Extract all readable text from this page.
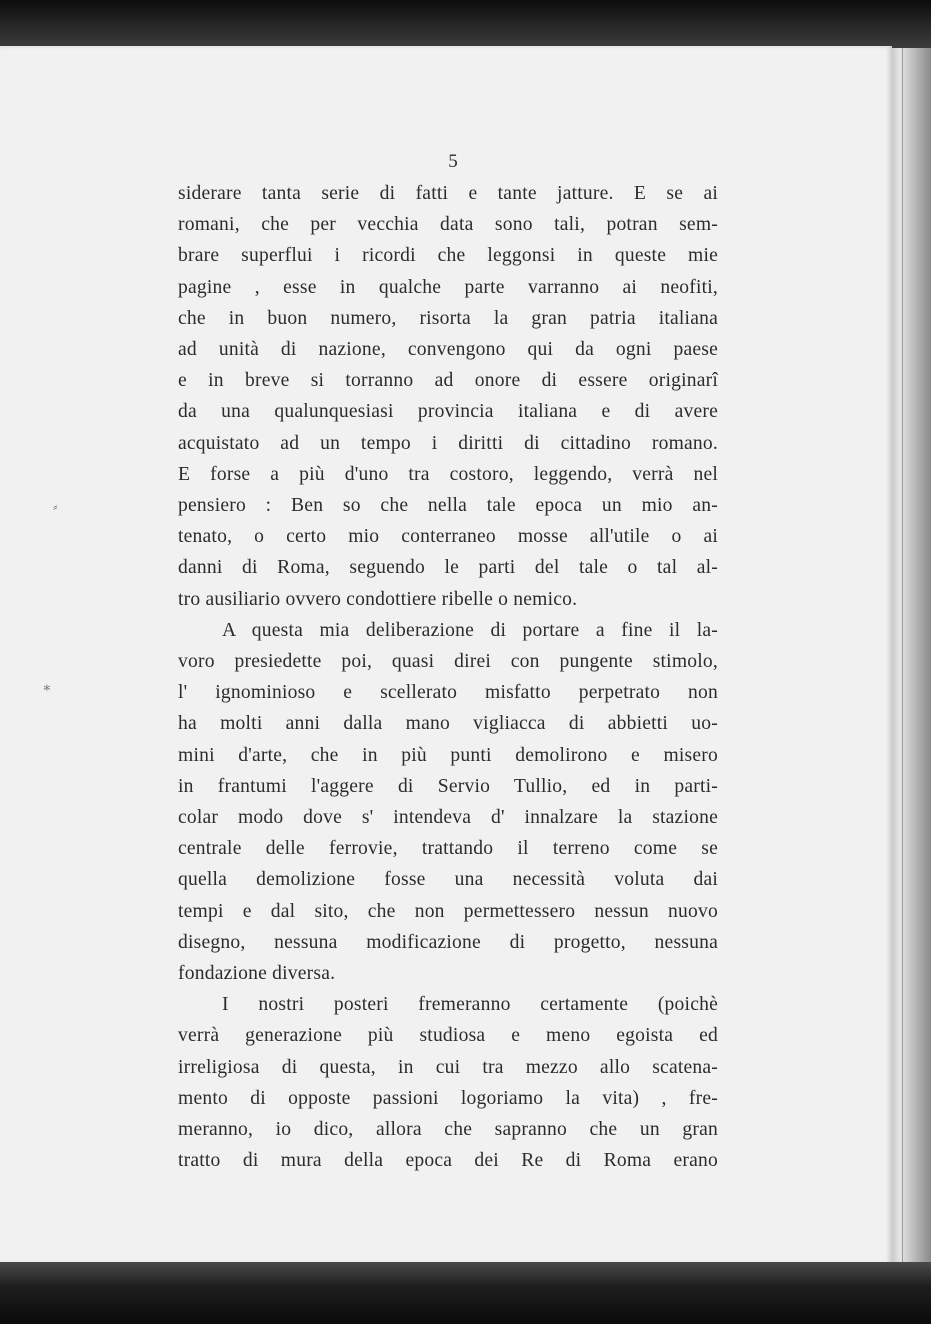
⸗
∗
5
siderare tanta serie di fatti e tante jatture. E se ai
romani, che per vecchia data sono tali, potran sem-
brare superflui i ricordi che leggonsi in queste mie
pagine , esse in qualche parte varranno ai neofiti,
che in buon numero, risorta la gran patria italiana
ad unità di nazione, convengono qui da ogni paese
e in breve si torranno ad onore di essere originarî
da una qualunquesiasi provincia italiana e di avere
acquistato ad un tempo i diritti di cittadino romano.
E forse a più d'uno tra costoro, leggendo, verrà nel
pensiero : Ben so che nella tale epoca un mio an-
tenato, o certo mio conterraneo mosse all'utile o ai
danni di Roma, seguendo le parti del tale o tal al-
tro ausiliario ovvero condottiere ribelle o nemico.
A questa mia deliberazione di portare a fine il la-
voro presiedette poi, quasi direi con pungente stimolo,
l' ignominioso e scellerato misfatto perpetrato non
ha molti anni dalla mano vigliacca di abbietti uo-
mini d'arte, che in più punti demolirono e misero
in frantumi l'aggere di Servio Tullio, ed in parti-
colar modo dove s' intendeva d' innalzare la stazione
centrale delle ferrovie, trattando il terreno come se
quella demolizione fosse una necessità voluta dai
tempi e dal sito, che non permettessero nessun nuovo
disegno, nessuna modificazione di progetto, nessuna
fondazione diversa.
I nostri posteri fremeranno certamente (poichè
verrà generazione più studiosa e meno egoista ed
irreligiosa di questa, in cui tra mezzo allo scatena-
mento di opposte passioni logoriamo la vita) , fre-
meranno, io dico, allora che sapranno che un gran
tratto di mura della epoca dei Re di Roma erano
